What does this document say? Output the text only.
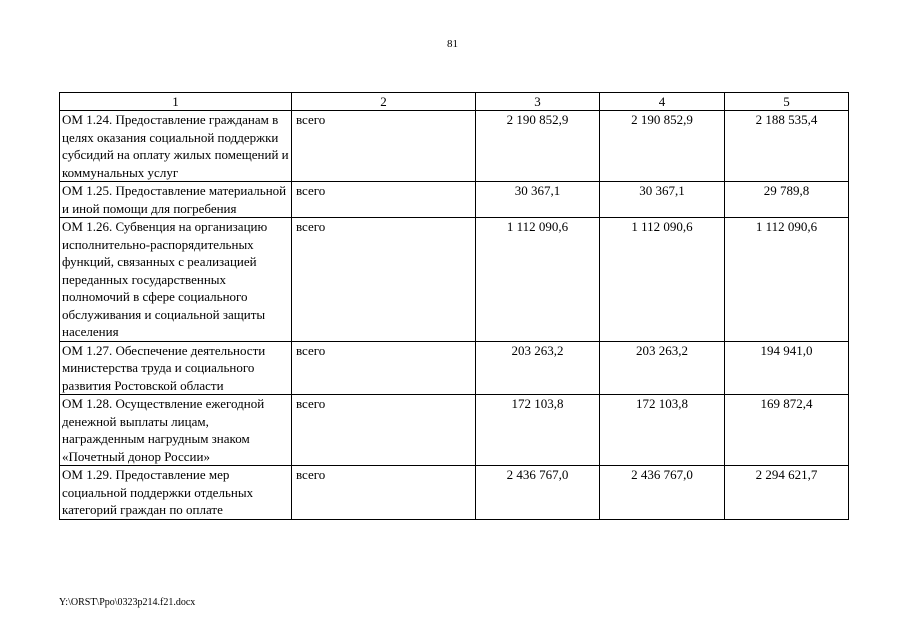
81
1	2	3	4	5
ОМ 1.24. Предоставление гражданам в целях оказания социальной поддержки субсидий на оплату жилых помещений и коммунальных услуг	всего	2 190 852,9	2 190 852,9	2 188 535,4
ОМ 1.25. Предоставление материальной и иной помощи для погребения	всего	30 367,1	30 367,1	29 789,8
ОМ 1.26. Субвенция на организацию исполнительно-распорядительных функций, связанных с реализацией переданных государственных полномочий в сфере социального обслуживания и социальной защиты населения	всего	1 112 090,6	1 112 090,6	1 112 090,6
ОМ 1.27. Обеспечение деятельности министерства труда и социального развития Ростовской области	всего	203 263,2	203 263,2	194 941,0
ОМ 1.28. Осуществление ежегодной денежной выплаты лицам, награжденным нагрудным знаком «Почетный донор России»	всего	172 103,8	172 103,8	169 872,4
ОМ 1.29. Предоставление мер социальной поддержки отдельных категорий граждан по оплате	всего	2 436 767,0	2 436 767,0	2 294 621,7
Y:\ORST\Ppo\0323p214.f21.docx
